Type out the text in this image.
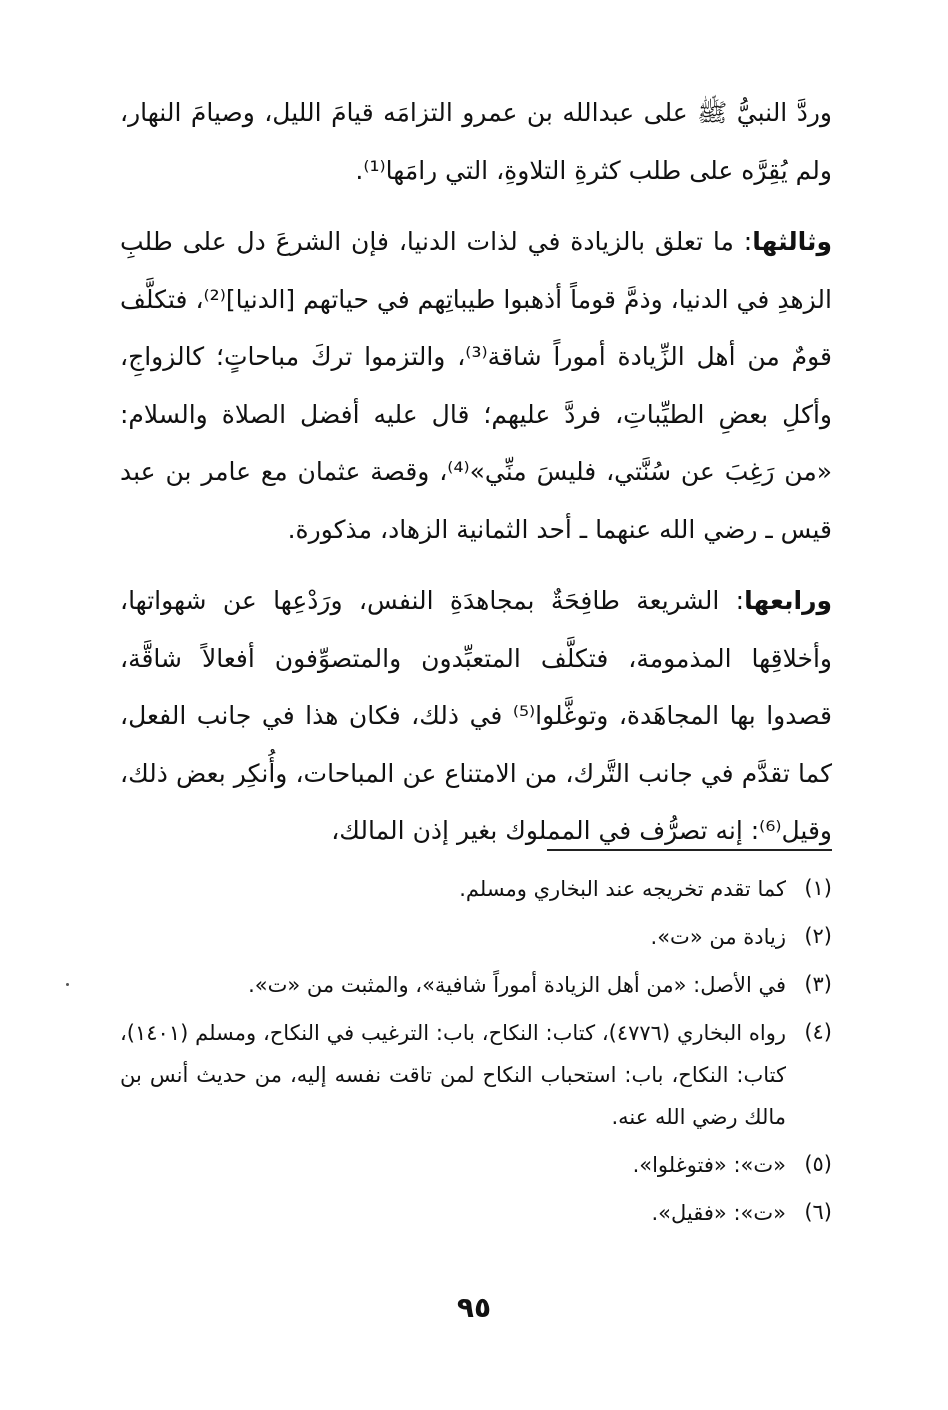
وردَّ النبيُّ ﷺ على عبدالله بن عمرو التزامَه قيامَ الليل، وصيامَ النهار، ولم يُقِرَّه على طلب كثرةِ التلاوةِ، التي رامَها⁽¹⁾.

وثالثها: ما تعلق بالزيادة في لذات الدنيا، فإن الشرعَ دل على طلبِ الزهدِ في الدنيا، وذمَّ قوماً أذهبوا طيباتِهم في حياتهم [الدنيا]⁽²⁾، فتكلَّف قومٌ من أهل الزِّيادة أموراً شاقة⁽³⁾، والتزموا تركَ مباحاتٍ؛ كالزواجِ، وأكلِ بعضِ الطيِّباتِ، فردَّ عليهم؛ قال عليه أفضل الصلاة والسلام: «من رَغِبَ عن سُنَّتي، فليسَ منِّي»⁽⁴⁾، وقصة عثمان مع عامر بن عبد قيس ـ رضي الله عنهما ـ أحد الثمانية الزهاد، مذكورة.

ورابعها: الشريعة طافِحَةٌ بمجاهدَةِ النفس، ورَدْعِها عن شهواتها، وأخلاقِها المذمومة، فتكلَّف المتعبِّدون والمتصوِّفون أفعالاً شاقَّة، قصدوا بها المجاهَدة، وتوغَّلوا⁽⁵⁾ في ذلك، فكان هذا في جانب الفعل، كما تقدَّم في جانب التَّرك، من الامتناع عن المباحات، وأُنكِر بعض ذلك، وقيل⁽⁶⁾: إنه تصرُّف في المملوك بغير إذن المالك،

(١)
كما تقدم تخريجه عند البخاري ومسلم.
(٢)
زيادة من «ت».
(٣)
في الأصل: «من أهل الزيادة أموراً شافية»، والمثبت من «ت».
(٤)
رواه البخاري (٤٧٧٦)، كتاب: النكاح، باب: الترغيب في النكاح، ومسلم (١٤٠١)، كتاب: النكاح، باب: استحباب النكاح لمن تاقت نفسه إليه، من حديث أنس بن مالك رضي الله عنه.
(٥)
«ت»: «فتوغلوا».
(٦)
«ت»: «فقيل».
٩٥
